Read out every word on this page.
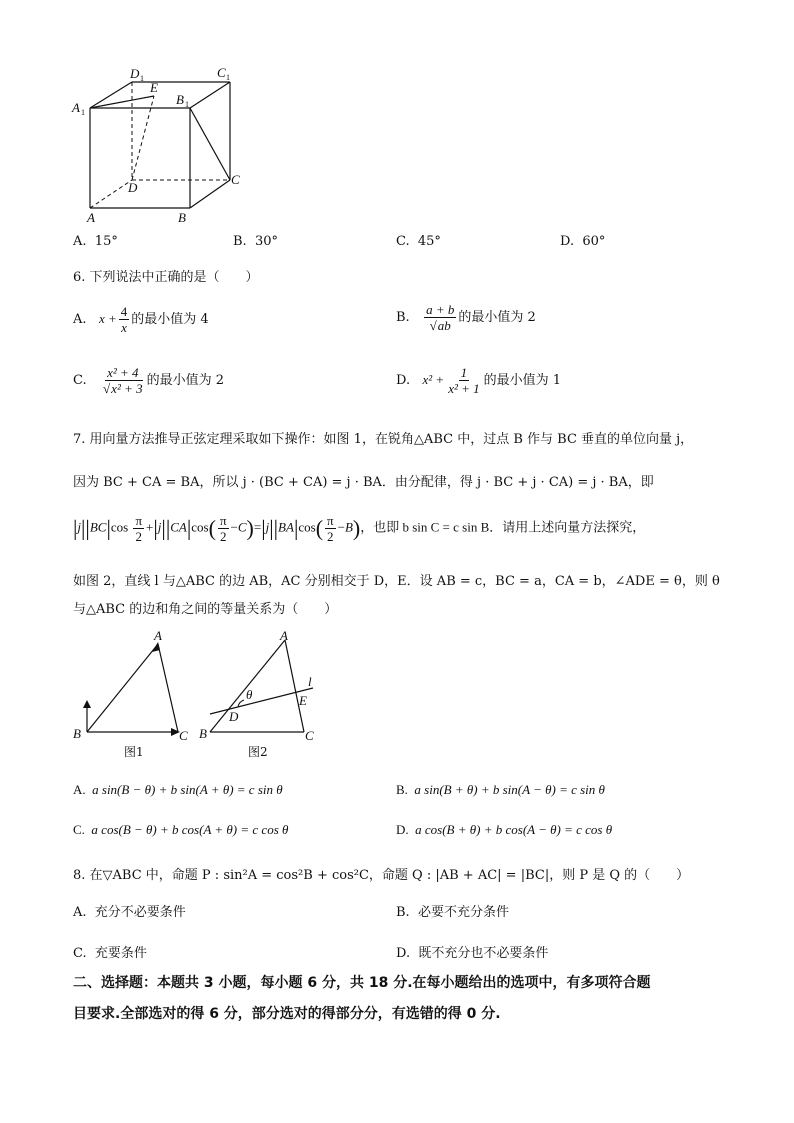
D 1	C 1
A 1
B 1
E
D
C
A	B
A. 15°	B. 30°	C. 45°	D. 60°
6. 下列说法中正确的是（　　）
A. $x + \frac{4}{x}$ 的最小值为 4	B. $\frac{a + b}{√ab}$ 的最小值为 2
C. $\frac{\text{x² + 4}}{\text{√x² + 3}}$ 的最小值为 2	D. $x^2 + \frac{1}{\text{x² + 1}}$ 的最小值为 1
7. 用向量方法推导正弦定理采取如下操作：如图 1，在锐角△ABC 中，过点 B 作与 BC 垂直的单位向量 j，
因为 BC + CA = BA，所以 j · (BC + CA) = j · BA．由分配律，得 j · BC + j · CA) = j · BA，即
$|j||BC|\cos \frac{\pi}{2} +|j||CA|\cos( \frac{\pi}{2} -C)=|j||BA|\cos( \frac{\pi}{2} -B)$，也即 b sin C = c sin B．请用上述向量方法探究，
如图 2，直线 l 与△ABC 的边 AB，AC 分别相交于 D，E．设 AB = c，BC = a，CA = b，∠ADE = θ，则 θ
与△ABC 的边和角之间的等量关系为（　　）
A
B	C
图1
A
θ
l
D
E
B	C
图2
A. a sin(B − θ) + b sin(A + θ) = c sin θ	B. a sin(B + θ) + b sin(A − θ) = c sin θ
C. a cos(B − θ) + b cos(A + θ) = c cos θ	D. a cos(B + θ) + b cos(A − θ) = c cos θ
8. 在▽ABC 中，命题 P : sin²A = cos²B + cos²C，命题 Q : |AB + AC| = |BC|，则 P 是 Q 的（　　）
A. 充分不必要条件	B. 必要不充分条件
C. 充要条件	D. 既不充分也不必要条件
二、选择题：本题共 3 小题，每小题 6 分，共 18 分.在每小题给出的选项中，有多项符合题
目要求.全部选对的得 6 分，部分选对的得部分分，有选错的得 0 分.
